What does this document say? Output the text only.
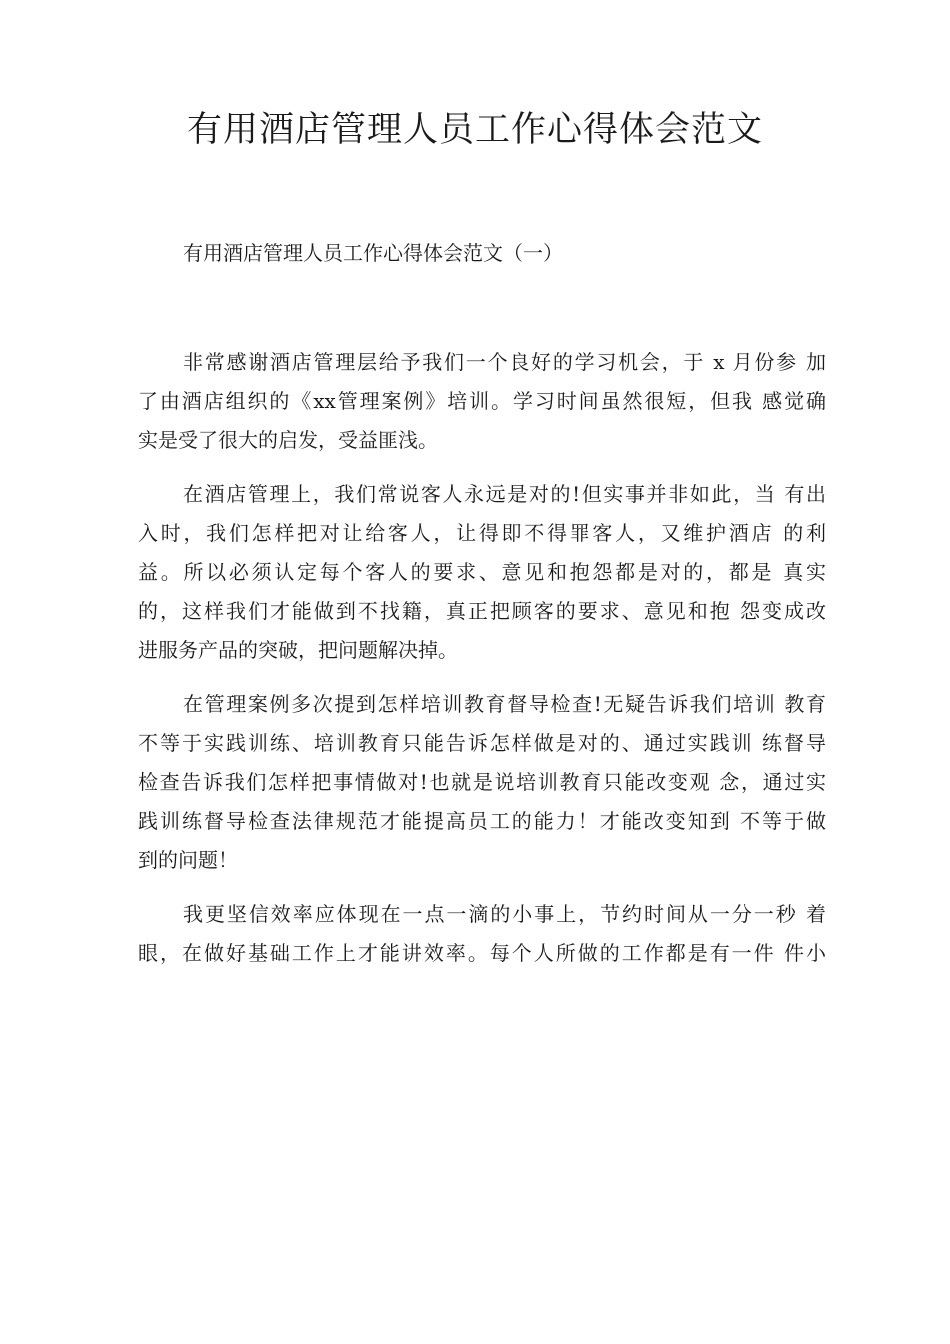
有用酒店管理人员工作心得体会范文
有用酒店管理人员工作心得体会范文（一）

非常感谢酒店管理层给予我们一个良好的学习机会，于 x 月份参 加
了由酒店组织的《xx管理案例》培训。学习时间虽然很短，但我 感觉确
实是受了很大的启发，受益匪浅。

在酒店管理上，我们常说客人永远是对的!但实事并非如此，当 有出
入时，我们怎样把对让给客人，让得即不得罪客人，又维护酒店 的利
益。所以必须认定每个客人的要求、意见和抱怨都是对的，都是 真实
的，这样我们才能做到不找籍，真正把顾客的要求、意见和抱 怨变成改
进服务产品的突破，把问题解决掉。

在管理案例多次提到怎样培训教育督导检查!无疑告诉我们培训 教育
不等于实践训练、培训教育只能告诉怎样做是对的、通过实践训 练督导
检查告诉我们怎样把事情做对!也就是说培训教育只能改变观 念，通过实
践训练督导检查法律规范才能提高员工的能力！才能改变知到 不等于做
到的问题！

我更坚信效率应体现在一点一滴的小事上，节约时间从一分一秒 着
眼，在做好基础工作上才能讲效率。每个人所做的工作都是有一件 件小
